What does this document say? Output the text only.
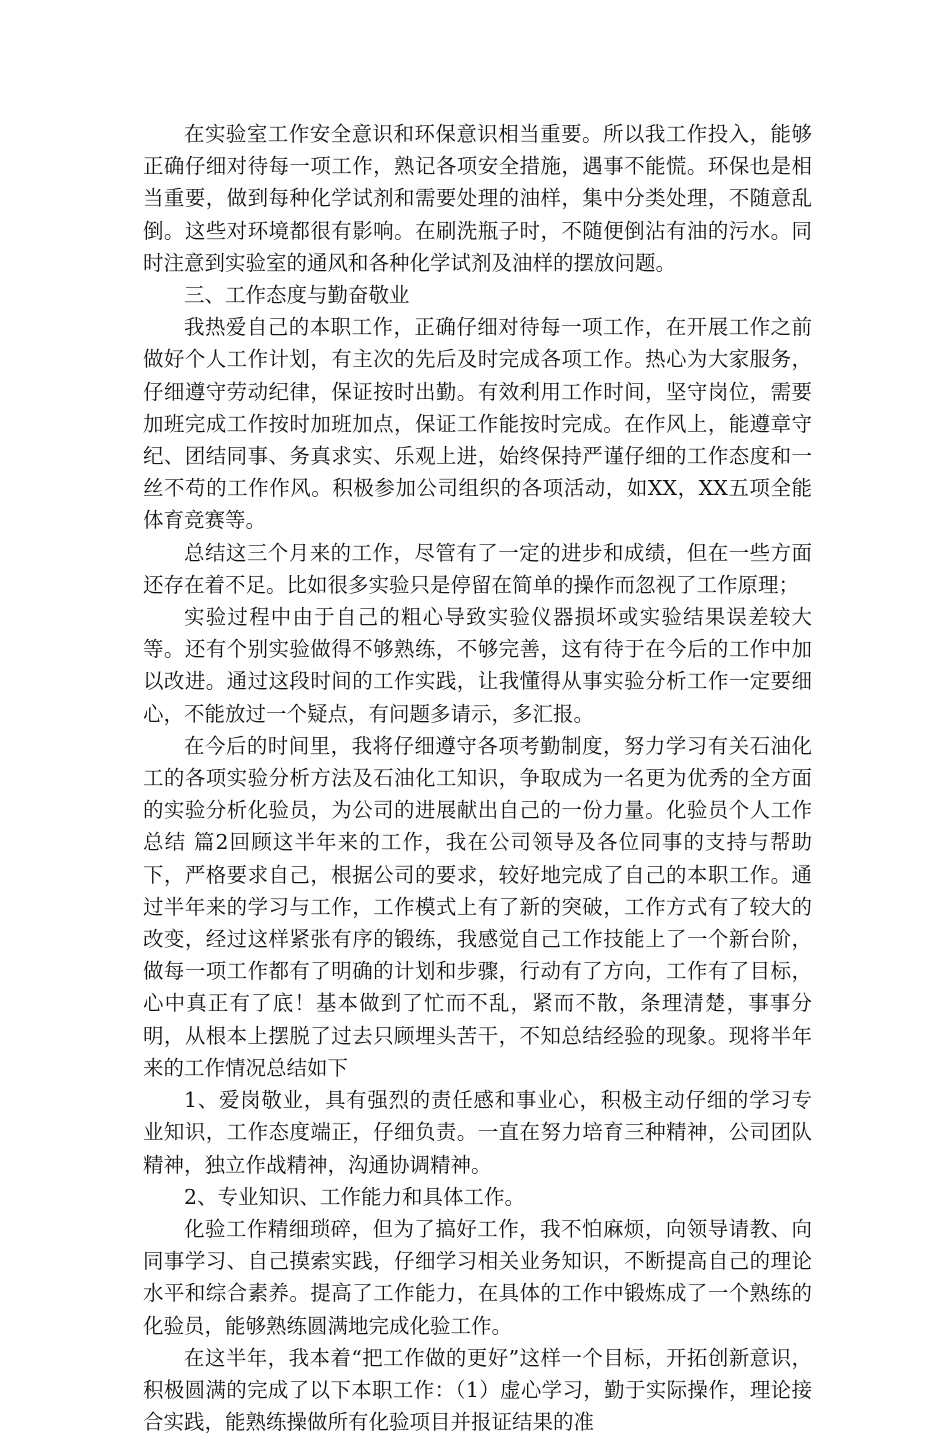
在实验室工作安全意识和环保意识相当重要。所以我工作投入，能够正确仔细对待每一项工作，熟记各项安全措施，遇事不能慌。环保也是相当重要，做到每种化学试剂和需要处理的油样，集中分类处理，不随意乱倒。这些对环境都很有影响。在刷洗瓶子时，不随便倒沾有油的污水。同时注意到实验室的通风和各种化学试剂及油样的摆放问题。

三、工作态度与勤奋敬业

我热爱自己的本职工作，正确仔细对待每一项工作，在开展工作之前做好个人工作计划，有主次的先后及时完成各项工作。热心为大家服务，仔细遵守劳动纪律，保证按时出勤。有效利用工作时间，坚守岗位，需要加班完成工作按时加班加点，保证工作能按时完成。在作风上，能遵章守纪、团结同事、务真求实、乐观上进，始终保持严谨仔细的工作态度和一丝不苟的工作作风。积极参加公司组织的各项活动，如XX，XX五项全能体育竞赛等。

总结这三个月来的工作，尽管有了一定的进步和成绩，但在一些方面还存在着不足。比如很多实验只是停留在简单的操作而忽视了工作原理；

实验过程中由于自己的粗心导致实验仪器损坏或实验结果误差较大等。还有个别实验做得不够熟练，不够完善，这有待于在今后的工作中加以改进。通过这段时间的工作实践，让我懂得从事实验分析工作一定要细心，不能放过一个疑点，有问题多请示，多汇报。

在今后的时间里，我将仔细遵守各项考勤制度，努力学习有关石油化工的各项实验分析方法及石油化工知识，争取成为一名更为优秀的全方面的实验分析化验员，为公司的进展献出自己的一份力量。化验员个人工作总结 篇2回顾这半年来的工作，我在公司领导及各位同事的支持与帮助下，严格要求自己，根据公司的要求，较好地完成了自己的本职工作。通过半年来的学习与工作，工作模式上有了新的突破，工作方式有了较大的改变，经过这样紧张有序的锻练，我感觉自己工作技能上了一个新台阶，做每一项工作都有了明确的计划和步骤，行动有了方向，工作有了目标，心中真正有了底！基本做到了忙而不乱，紧而不散，条理清楚，事事分明，从根本上摆脱了过去只顾埋头苦干，不知总结经验的现象。现将半年来的工作情况总结如下

1、爱岗敬业，具有强烈的责任感和事业心，积极主动仔细的学习专业知识，工作态度端正，仔细负责。一直在努力培育三种精神，公司团队精神，独立作战精神，沟通协调精神。

2、专业知识、工作能力和具体工作。

化验工作精细琐碎，但为了搞好工作，我不怕麻烦，向领导请教、向同事学习、自己摸索实践，仔细学习相关业务知识，不断提高自己的理论水平和综合素养。提高了工作能力，在具体的工作中锻炼成了一个熟练的化验员，能够熟练圆满地完成化验工作。

在这半年，我本着“把工作做的更好”这样一个目标，开拓创新意识，积极圆满的完成了以下本职工作：（1）虚心学习，勤于实际操作，理论接合实践，能熟练操做所有化验项目并报证结果的准
